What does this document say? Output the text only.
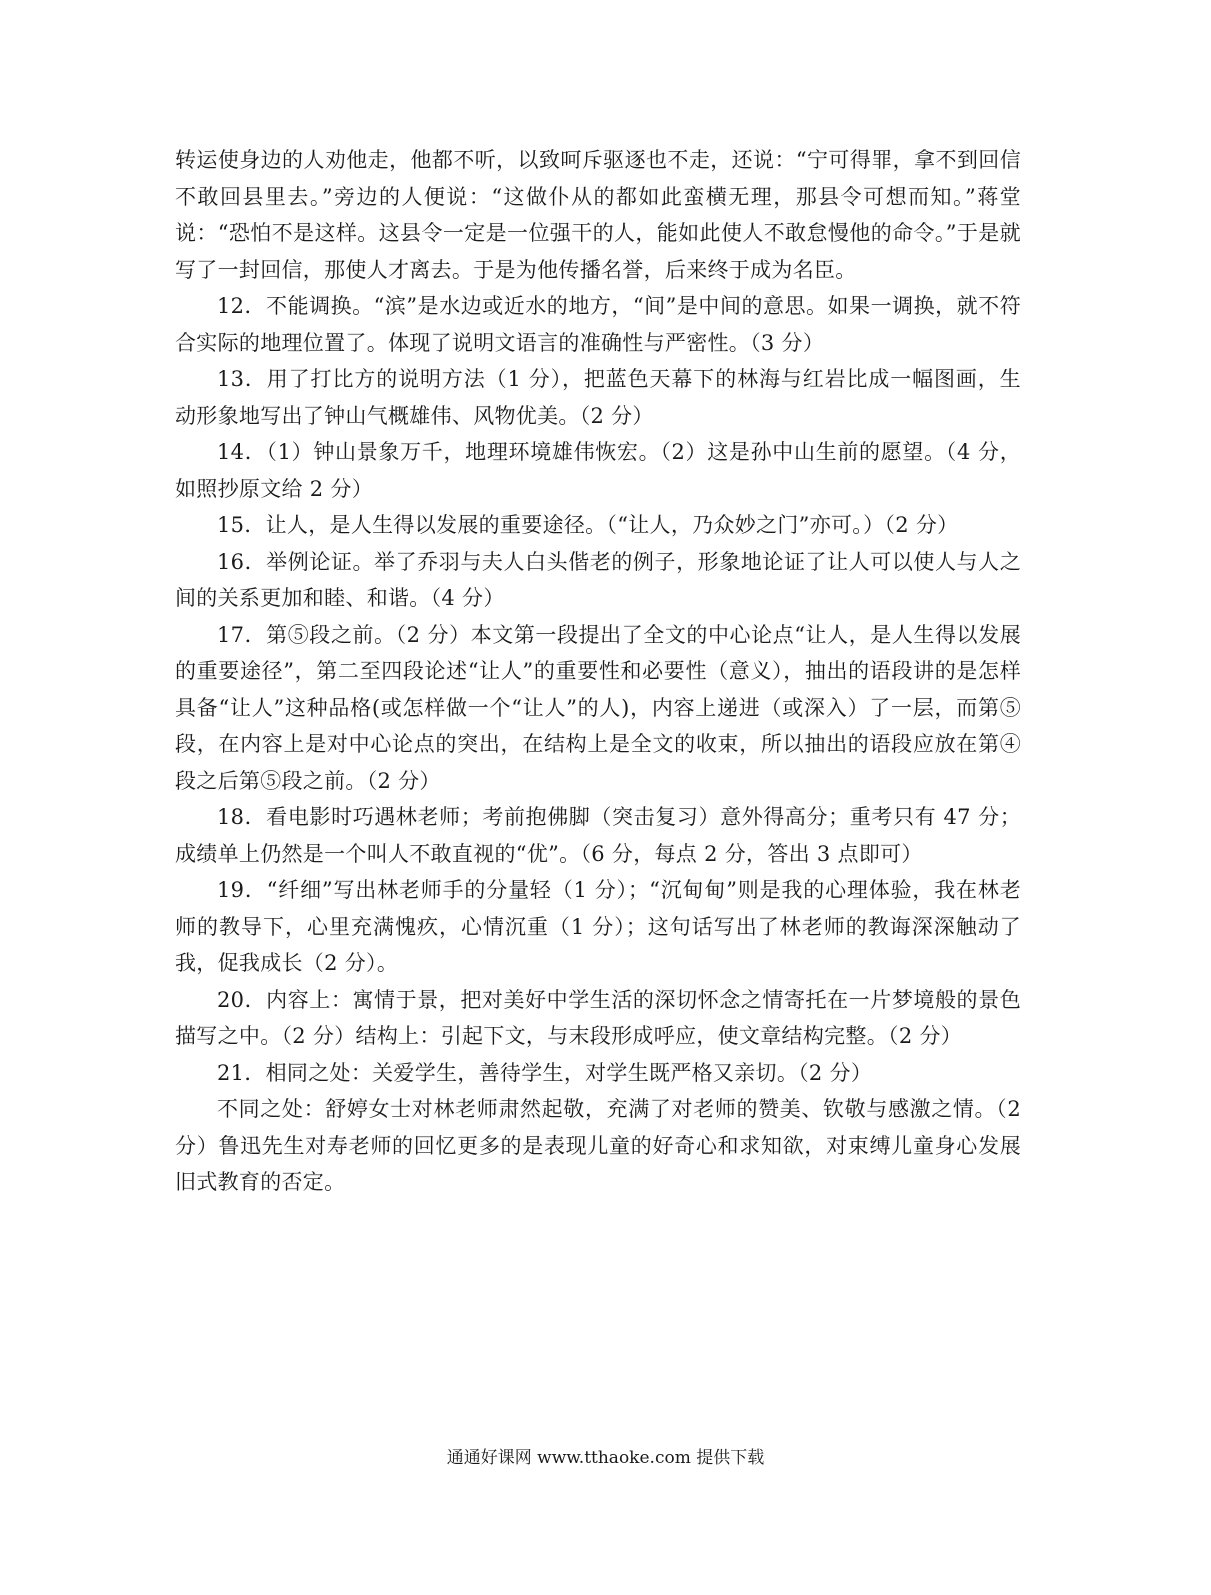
转运使身边的人劝他走，他都不听，以致呵斥驱逐也不走，还说：“宁可得罪，拿不到回信不敢回县里去。”旁边的人便说：“这做仆从的都如此蛮横无理，那县令可想而知。”蒋堂说：“恐怕不是这样。这县令一定是一位强干的人，能如此使人不敢怠慢他的命令。”于是就写了一封回信，那使人才离去。于是为他传播名誉，后来终于成为名臣。

12．不能调换。“滨”是水边或近水的地方，“间”是中间的意思。如果一调换，就不符合实际的地理位置了。体现了说明文语言的准确性与严密性。（3 分）

13．用了打比方的说明方法（1 分），把蓝色天幕下的林海与红岩比成一幅图画，生动形象地写出了钟山气概雄伟、风物优美。（2 分）

14．（1）钟山景象万千，地理环境雄伟恢宏。（2）这是孙中山生前的愿望。（4 分，如照抄原文给 2 分）

15．让人，是人生得以发展的重要途径。（“让人，乃众妙之门”亦可。）（2 分）

16．举例论证。举了乔羽与夫人白头偕老的例子，形象地论证了让人可以使人与人之间的关系更加和睦、和谐。（4 分）

17．第⑤段之前。（2 分）本文第一段提出了全文的中心论点“让人，是人生得以发展的重要途径”，第二至四段论述“让人”的重要性和必要性（意义），抽出的语段讲的是怎样具备“让人”这种品格(或怎样做一个“让人”的人)，内容上递进（或深入）了一层，而第⑤段，在内容上是对中心论点的突出，在结构上是全文的收束，所以抽出的语段应放在第④段之后第⑤段之前。（2 分）

18．看电影时巧遇林老师；考前抱佛脚（突击复习）意外得高分；重考只有 47 分；成绩单上仍然是一个叫人不敢直视的“优”。（6 分，每点 2 分，答出 3 点即可）

19．“纤细”写出林老师手的分量轻（1 分）；“沉甸甸”则是我的心理体验，我在林老师的教导下，心里充满愧疚，心情沉重（1 分）；这句话写出了林老师的教诲深深触动了我，促我成长（2 分）。

20．内容上：寓情于景，把对美好中学生活的深切怀念之情寄托在一片梦境般的景色描写之中。（2 分）结构上：引起下文，与末段形成呼应，使文章结构完整。（2 分）

21．相同之处：关爱学生，善待学生，对学生既严格又亲切。（2 分）

不同之处：舒婷女士对林老师肃然起敬，充满了对老师的赞美、钦敬与感激之情。（2 分）鲁迅先生对寿老师的回忆更多的是表现儿童的好奇心和求知欲，对束缚儿童身心发展旧式教育的否定。

通通好课网 www.tthaoke.com 提供下载
